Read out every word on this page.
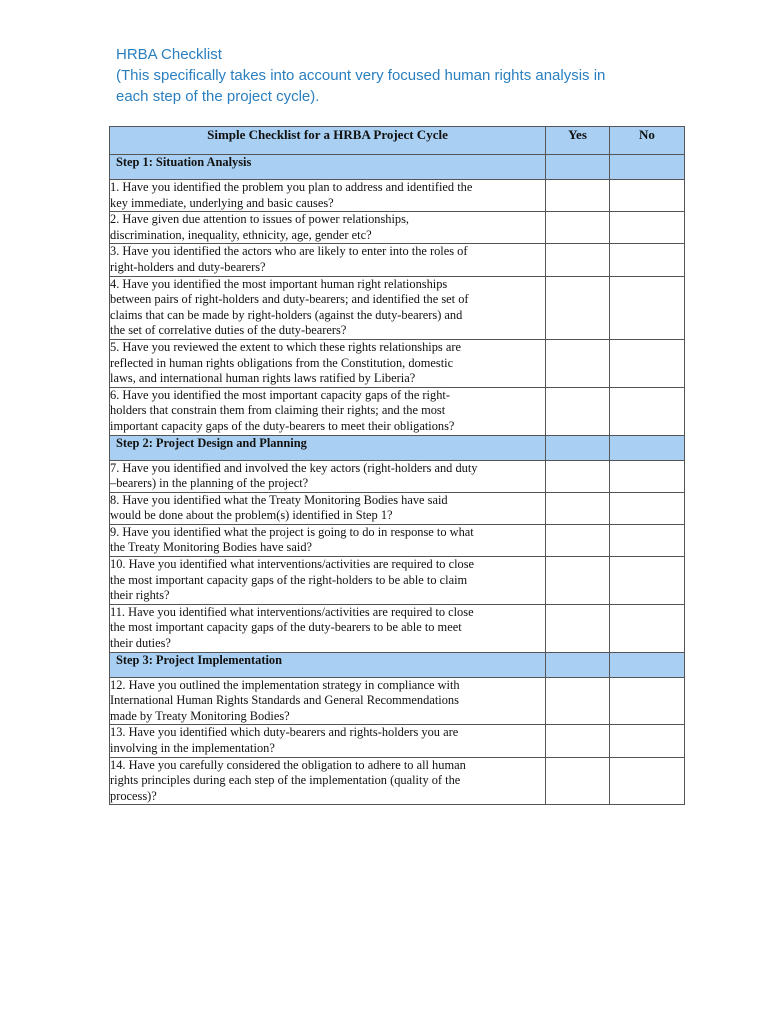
HRBA Checklist
(This specifically takes into account very focused human rights analysis in
each step of the project cycle).
Simple Checklist for a HRBA Project Cycle	Yes	No
Step 1: Situation Analysis		

1. Have you identified the problem you plan to address and identified the
key immediate, underlying and basic causes?		

2. Have given due attention to issues of power relationships,
discrimination, inequality, ethnicity, age, gender etc?		

3. Have you identified the actors who are likely to enter into the roles of
right-holders and duty-bearers?		

4. Have you identified the most important human right relationships
between pairs of right-holders and duty-bearers; and identified the set of
claims that can be made by right-holders (against the duty-bearers) and
the set of correlative duties of the duty-bearers?		

5. Have you reviewed the extent to which these rights relationships are
reflected in human rights obligations from the Constitution, domestic
laws, and international human rights laws ratified by Liberia?		

6. Have you identified the most important capacity gaps of the right-
holders that constrain them from claiming their rights; and the most
important capacity gaps of the duty-bearers to meet their obligations?		

Step 2: Project Design and Planning		

7. Have you identified and involved the key actors (right-holders and duty
–bearers) in the planning of the project?		

8. Have you identified what the Treaty Monitoring Bodies have said
would be done about the problem(s) identified in Step 1?		

9. Have you identified what the project is going to do in response to what
the Treaty Monitoring Bodies have said?		

10. Have you identified what interventions/activities are required to close
the most important capacity gaps of the right-holders to be able to claim
their rights?		

11. Have you identified what interventions/activities are required to close
the most important capacity gaps of the duty-bearers to be able to meet
their duties?		

Step 3: Project Implementation		

12. Have you outlined the implementation strategy in compliance with
International Human Rights Standards and General Recommendations
made by Treaty Monitoring Bodies?		

13. Have you identified which duty-bearers and rights-holders you are
involving in the implementation?		

14. Have you carefully considered the obligation to adhere to all human
rights principles during each step of the implementation (quality of the
process)?		
